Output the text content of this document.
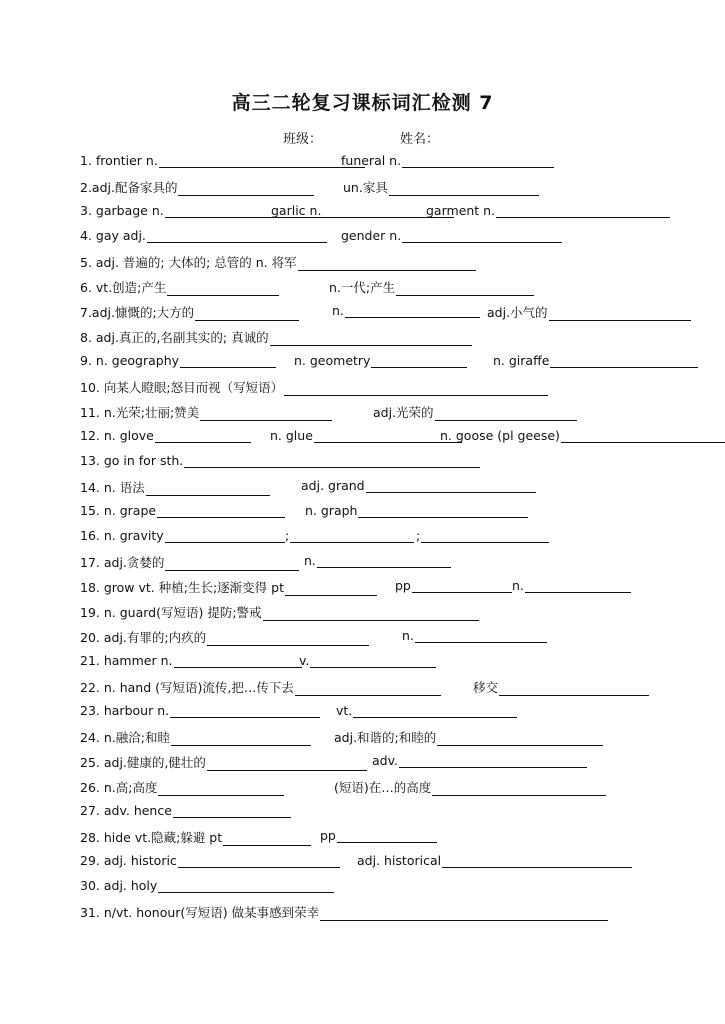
高三二轮复习课标词汇检测 7
班级：	姓名：
1. frontier n.	funeral n.
2.adj.配备家具的	un.家具
3. garbage n.	garlic n.	garment n.
4. gay adj.	gender n.
5. adj. 普遍的; 大体的; 总管的 n. 将军
6. vt.创造;产生	n.一代;产生
7.adj.慷慨的;大方的	n.	adj.小气的
8. adj.真正的,名副其实的; 真诚的
9. n. geography	n. geometry	n. giraffe
10. 向某人瞪眼;怒目而视（写短语）
11. n.光荣;壮丽;赞美	adj.光荣的
12. n. glove	n. glue	n. goose (pl geese)
13. go in for sth.
14. n. 语法	adj. grand
15. n. grape	n. graph
16. n. gravity	;	;
17. adj.贪婪的	n.
18. grow vt. 种植;生长;逐渐变得 pt	pp	n.
19. n. guard(写短语) 提防;警戒
20. adj.有罪的;内疚的	n.
21. hammer n.	v.
22. n. hand (写短语)流传,把…传下去	移交
23. harbour n.	vt.
24. n.融洽;和睦	adj.和谐的;和睦的
25. adj.健康的,健壮的	adv.
26. n.高;高度	(短语)在…的高度
27. adv. hence
28. hide vt.隐藏;躲避 pt	pp
29. adj. historic	adj. historical
30. adj. holy
31. n/vt. honour(写短语) 做某事感到荣幸
